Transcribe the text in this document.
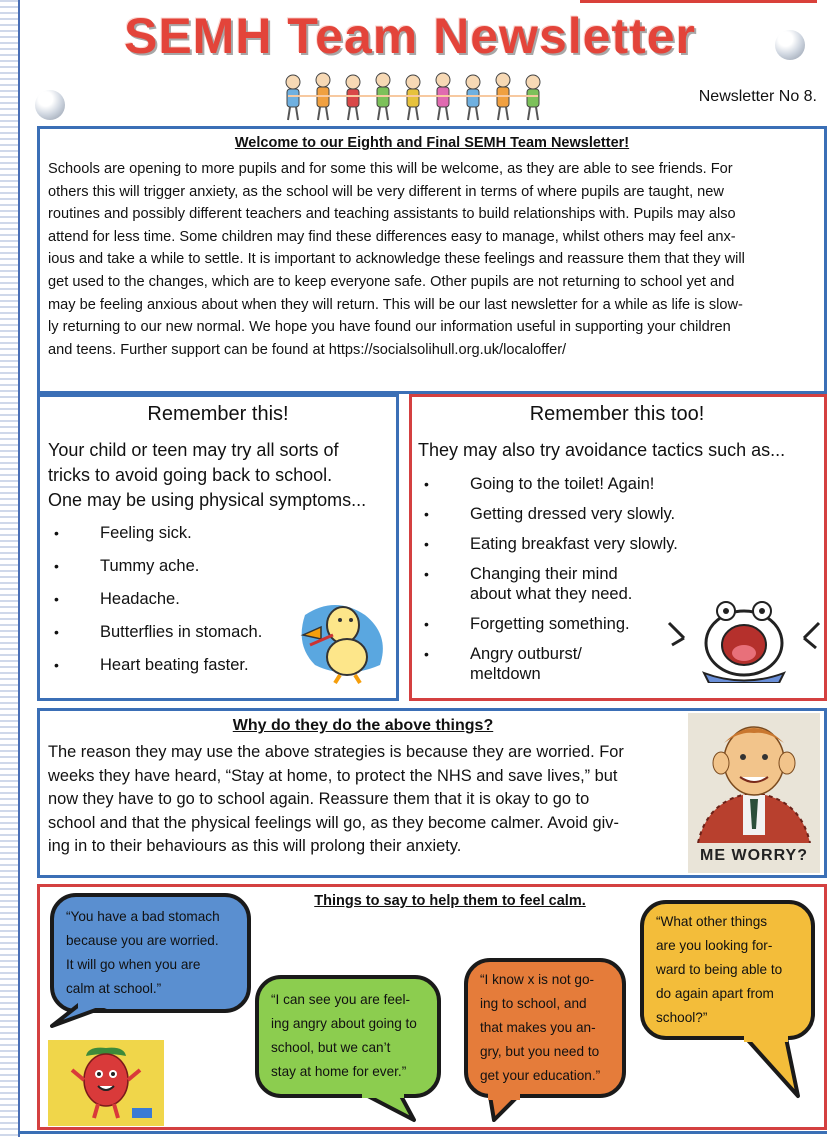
SEMH Team Newsletter
Newsletter No 8.

Welcome to our Eighth and Final SEMH Team Newsletter!

Schools are opening to more pupils and for some this will be welcome, as they are able to see friends. For

others this will trigger anxiety, as the school will be very different in terms of where pupils are taught, new

routines and possibly different teachers and teaching assistants to build relationships with. Pupils may also

attend for less time. Some children may find these differences easy to manage, whilst others may feel anx-

ious and take a while to settle. It is important to acknowledge these feelings and reassure them that they will

get used to the changes, which are to keep everyone safe. Other pupils are not returning to school yet and

may be feeling anxious about when they will return. This will be our last newsletter for a while as life is slow-

ly returning to our new normal. We hope you have found our information useful in supporting your children

and teens. Further support can be found at https://socialsolihull.org.uk/localoffer/

Remember this!

Your child or teen may try all sorts of

tricks to avoid going back to school.

One may be using physical symptoms...

• Feeling sick.
• Tummy ache.
• Headache.
• Butterflies in stomach.
• Heart beating faster.

Remember this too!

They may also try avoidance tactics such as...

• Going to the toilet! Again!
• Getting dressed very slowly.
• Eating breakfast very slowly.
• Changing their mind
about what they need.
• Forgetting something.
• Angry outburst/
meltdown

Why do they do the above things?

The reason they may use the above strategies is because they are worried. For

weeks they have heard, “Stay at home, to protect the NHS and save lives,” but

now they have to go to school again. Reassure them that it is okay to go to

school and that the physical feelings will go, as they become calmer. Avoid giv-

ing in to their behaviours as this will prolong their anxiety.

ME WORRY?

Things to say to help them to feel calm.

“You have a bad stomach
because you are worried.
It will go when you are
calm at school.”
“I can see you are feel-
ing angry about going to
school, but we can’t
stay at home for ever.”
“I know x is not go-
ing to school, and
that makes you an-
gry, but you need to
get your education.”
“What other things
are you looking for-
ward to being able to
do again apart from
school?”
